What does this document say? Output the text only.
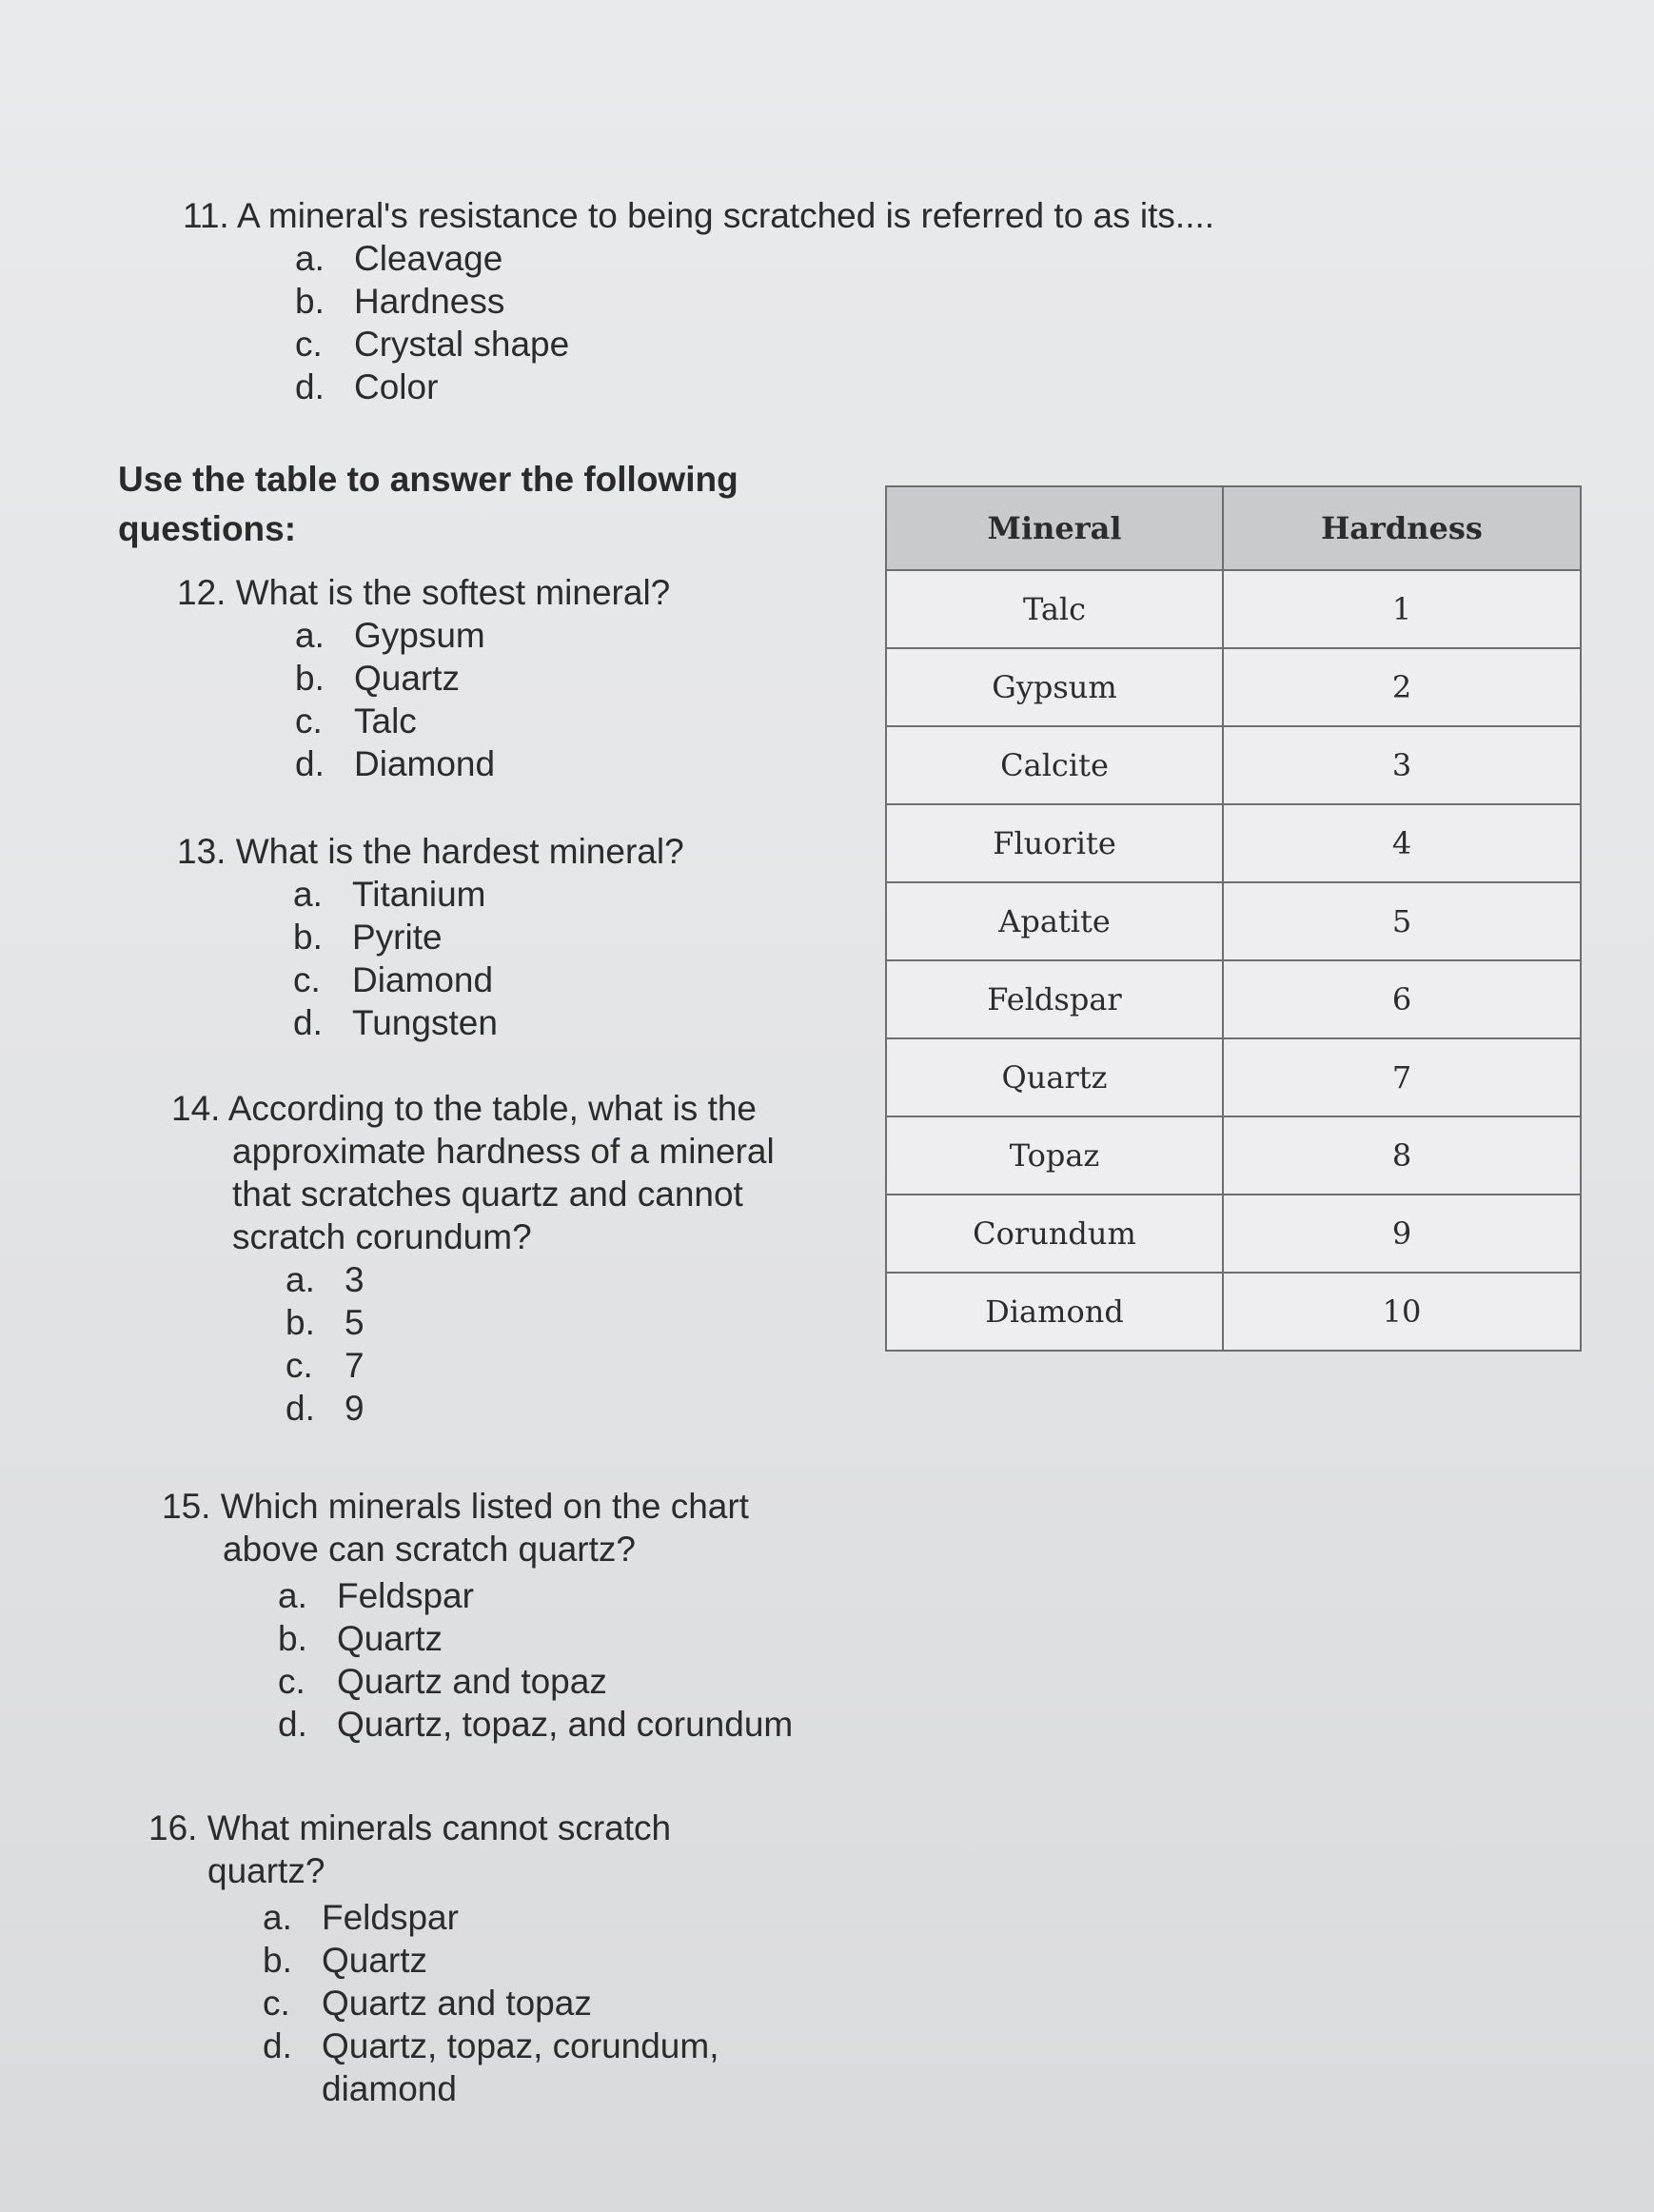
11. A mineral's resistance to being scratched is referred to as its....
a. Cleavage
b. Hardness
c. Crystal shape
d. Color
Use the table to answer the following
questions:	Mineral	Hardness
Talc	1
Gypsum	2
Calcite	3
Fluorite	4
Apatite	5
Feldspar	6
Quartz	7
Topaz	8
Corundum	9
Diamond	10
12. What is the softest mineral?
a. Gypsum
b. Quartz
c. Talc
d. Diamond
13. What is the hardest mineral?
a. Titanium
b. Pyrite
c. Diamond
d. Tungsten
14. According to the table, what is the
approximate hardness of a mineral
that scratches quartz and cannot
scratch corundum?
a. 3
b. 5
c. 7
d. 9
15. Which minerals listed on the chart
above can scratch quartz?
a. Feldspar
b. Quartz
c. Quartz and topaz
d. Quartz, topaz, and corundum
16. What minerals cannot scratch
quartz?
a. Feldspar
b. Quartz
c. Quartz and topaz
d. Quartz, topaz, corundum,
diamond
